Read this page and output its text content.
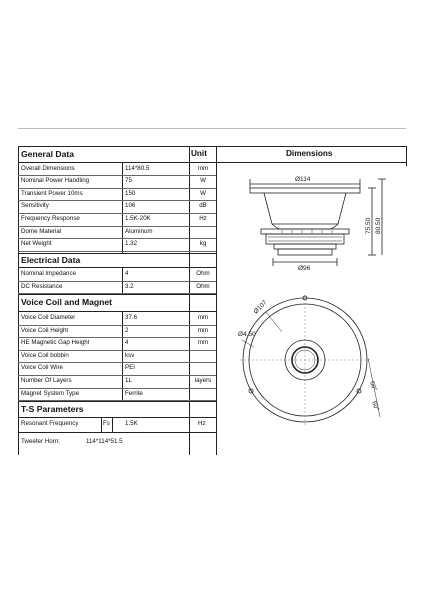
General Data	Unit	Dimensions
Overall Dimensions	114*80.5	mm
Nominal Power Handling	75	W
Transient Power 10ms	150	W
Sensitivity	106	dB
Frequency Response	1.5K-20K	Hz
Dome Material	Aluminum
Net Weight	1.32	kg
Electrical Data
Nominal Impedance	4	Ohm
DC Resistance	3.2	Ohm
Voice Coil and Magnet
Voice Coil Diameter	37.6	mm
Voice Coil Height	2	mm
HE Magnetic Gap Height	4	mm
Voice Coil bobbin	ksv
Voice Coil Wire	PEI
Number Of Layers	1L	layers
Magnet System Type	Ferrite
T-S Parameters
Resonant Frequency	Fs 1.5K	Hz
Tweeter Horn:	114*114*51.5
Ø114
Ø96
75.50 80.50
Ø107
Ø4.50
60°
60°
